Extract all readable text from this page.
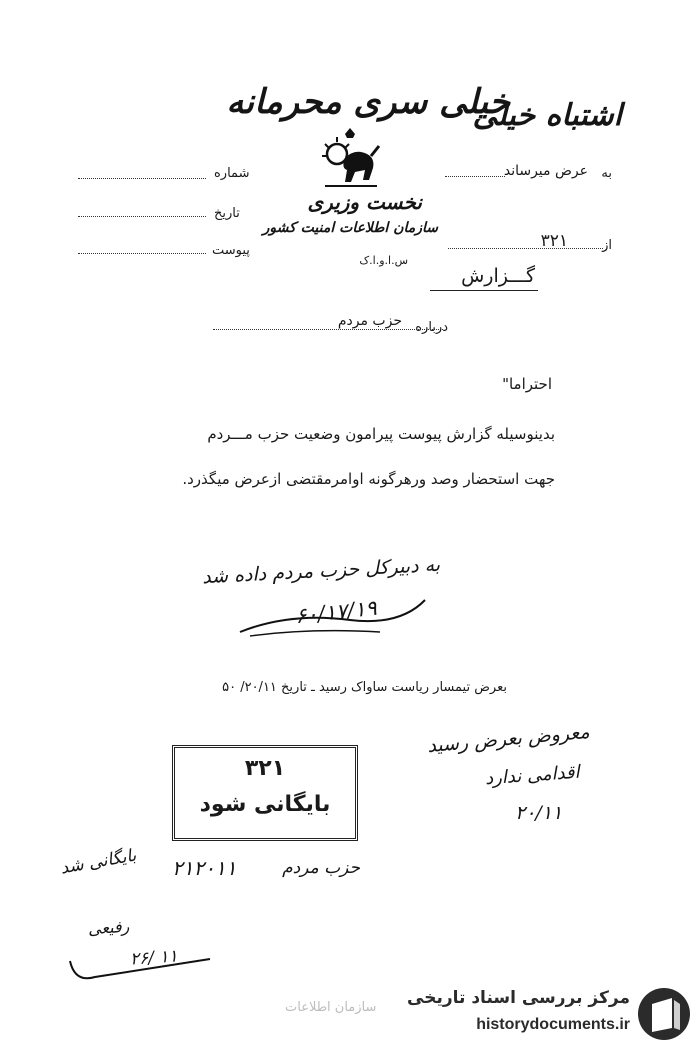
اشتباه خیلی
خیلی سری محرمانه
نخست وزیری
سازمان اطلاعات امنیت کشور
س.ا.و.ا.ک
به
عرض میرساند
از
۳۲۱
گـــزارش
شماره
تاریخ
پیوست
درباره
حزب مردم
احتراما"
بدینوسیله گزارش پیوست پیرامون وضعیت حزب مـــردم
جهت استحضار وصد ورهرگونه اوامرمقتضی ازعرض میگذرد.
به دبیرکل حزب مردم داده شد
۶۰/۱۷/۱۹
بعرض تیمسار ریاست ساواک رسید ـ تاریخ ۲۰/۱۱/ ۵۰
معروض بعرض رسید
اقدامی ندارد
۲۰/۱۱
۳۲۱
بایگانی شود
حزب مردم
۲۱۲۰۱۱
بایگانی شد
رفیعی
۲۶/ ۱۱
سازمان اطلاعات مرکز بررسی اسناد تاریخی
historydocuments.ir
